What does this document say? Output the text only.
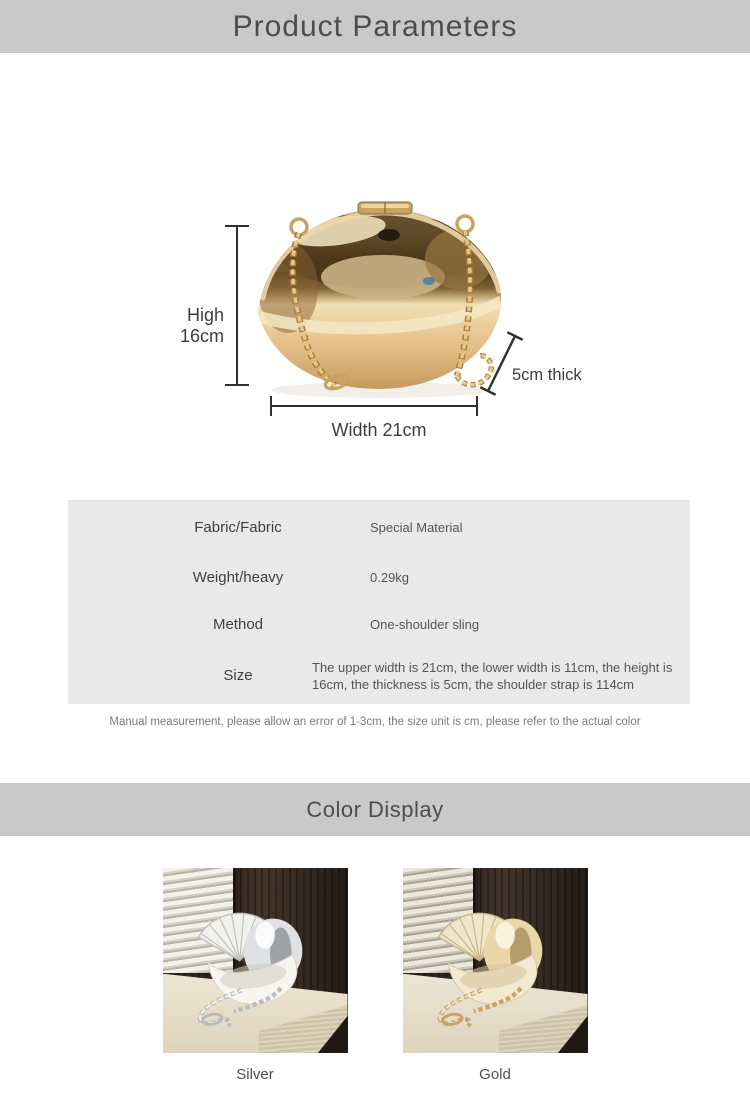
Product Parameters
High 16cm
Width 21cm
5cm thick
Fabric/Fabric	Special Material
Weight/heavy	0.29kg
Method	One-shoulder sling
Size	The upper width is 21cm, the lower width is 11cm, the height is 16cm, the thickness is 5cm, the shoulder strap is 114cm
Manual measurement, please allow an error of 1-3cm, the size unit is cm, please refer to the actual color
Color Display
Silver	Gold
